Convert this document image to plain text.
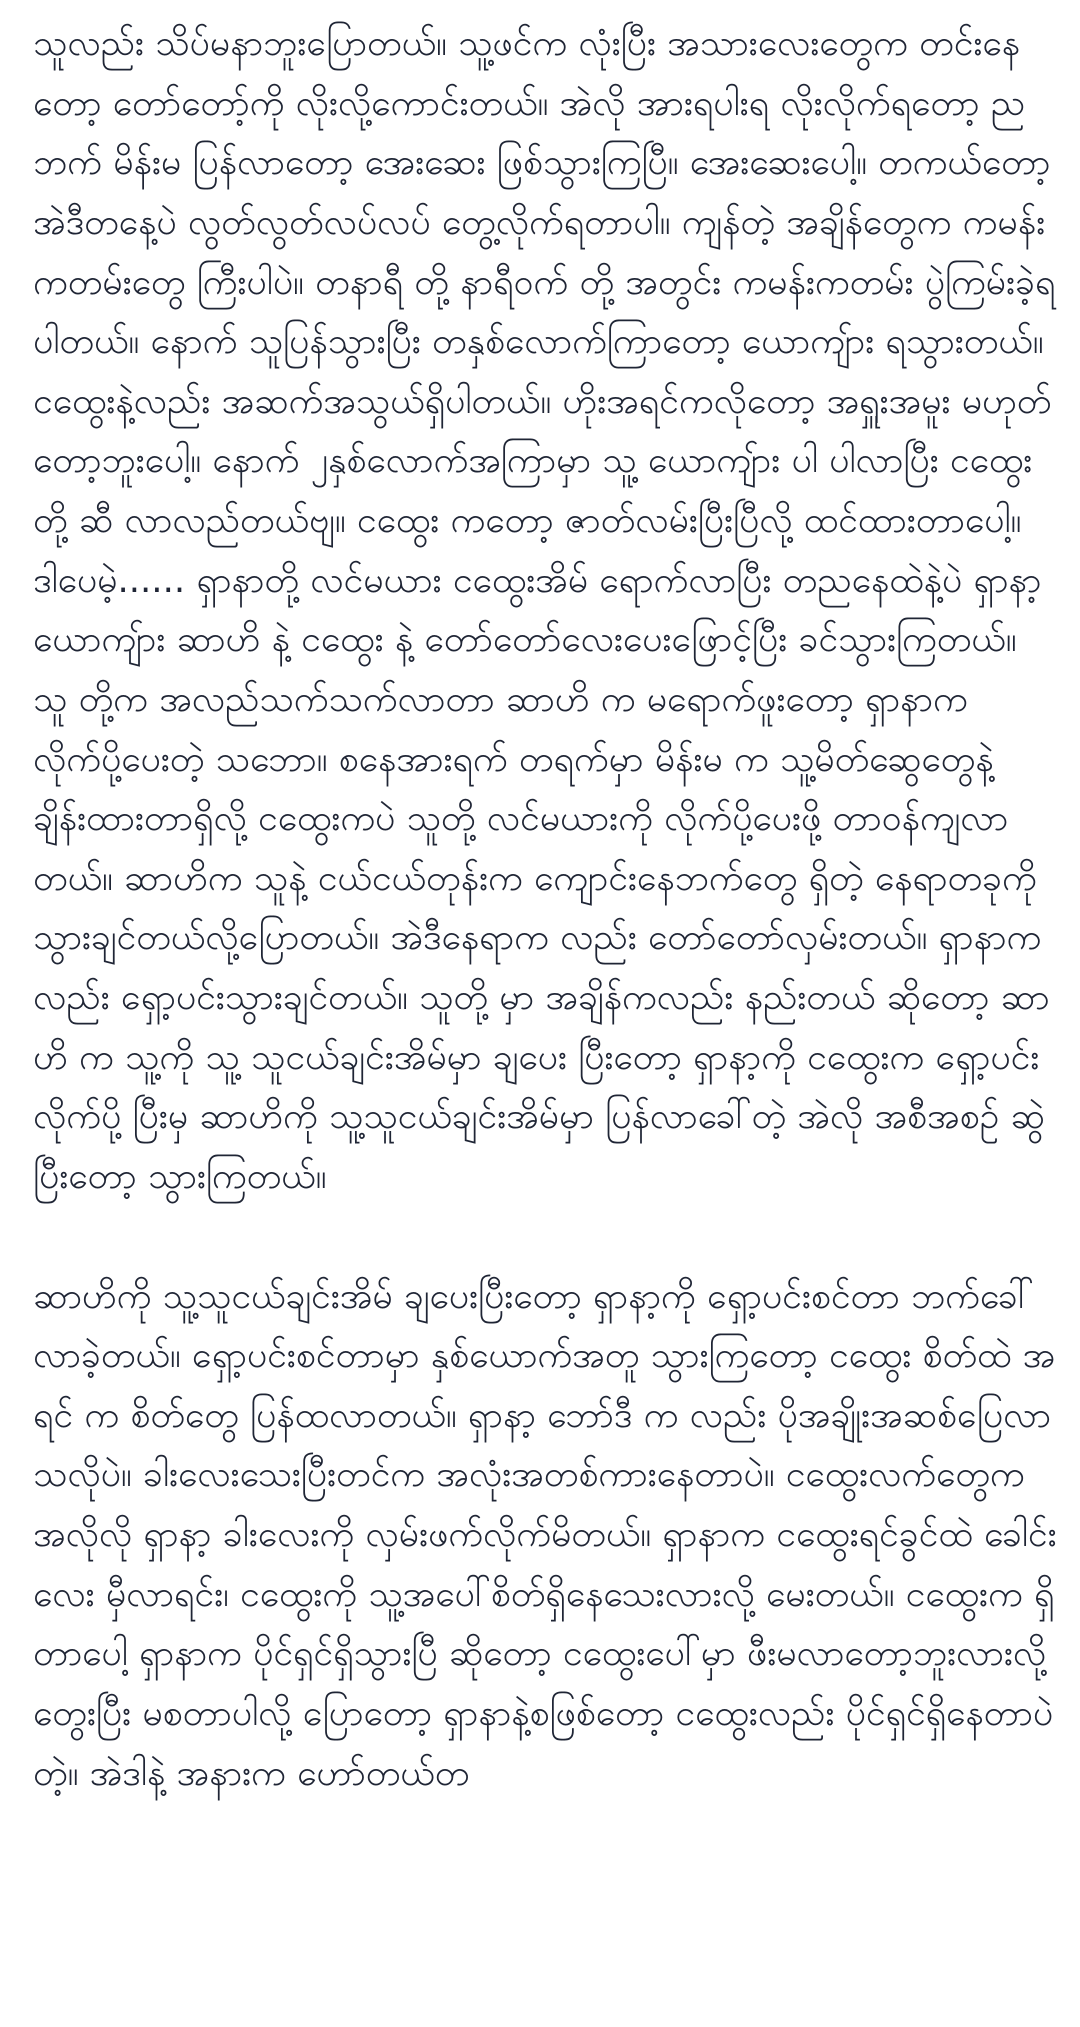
သူလည်း သိပ်မနာဘူးပြောတယ်။ သူ့ဖင်က လုံးပြီး အသားလေးတွေက တင်းနေတော့ တော်တော့်ကို လိုးလို့ကောင်းတယ်။ အဲလို အားရပါးရ လိုးလိုက်ရတော့ ညဘက် မိန်းမ ပြန်လာတော့ အေးဆေး ဖြစ်သွားကြပြီ။ အေးဆေးပေါ့။ တကယ်တော့ အဲဒီတနေ့ပဲ လွတ်လွတ်လပ်လပ် တွေ့လိုက်ရတာပါ။ ကျန်တဲ့ အချိန်တွေက ကမန်းကတမ်းတွေ ကြီးပါပဲ။ တနာရီ တို့ နာရီဝက် တို့ အတွင်း ကမန်းကတမ်း ပွဲကြမ်းခဲ့ရပါတယ်။ နောက် သူပြန်သွားပြီး တနှစ်လောက်ကြာတော့ ယောကျ်ား ရသွားတယ်။ ငထွေးနဲ့လည်း အဆက်အသွယ်ရှိပါတယ်။ ဟိုးအရင်ကလိုတော့ အရှူးအမူး မဟုတ်တော့ဘူးပေါ့။ နောက် ၂နှစ်လောက်အကြာမှာ သူ့ ယောကျ်ား ပါ ပါလာပြီး ငထွေးတို့ ဆီ လာလည်တယ်ဗျ။ ငထွေး ကတော့ ဇာတ်လမ်းပြီးပြီလို့ ထင်ထားတာပေါ့။ ဒါပေမဲ့...... ရှာနာတို့ လင်မယား ငထွေးအိမ် ရောက်လာပြီး တညနေထဲနဲ့ပဲ ရှာနာ့ ယောကျ်ား ဆာဟိ နဲ့ ငထွေး နဲ့ တော်တော်လေးပေးဖြောင့်ပြီး ခင်သွားကြတယ်။ သူ တို့က အလည်သက်သက်လာတာ ဆာဟိ က မရောက်ဖူးတော့ ရှာနာက လိုက်ပို့ပေးတဲ့ သဘော။ စနေအားရက် တရက်မှာ မိန်းမ က သူ့မိတ်ဆွေတွေနဲ့ ချိန်းထားတာရှိလို့ ငထွေးကပဲ သူတို့ လင်မယားကို လိုက်ပို့ပေးဖို့ တာဝန်ကျလာတယ်။ ဆာဟိက သူနဲ့ ငယ်ငယ်တုန်းက ကျောင်းနေဘက်တွေ ရှိတဲ့ နေရာတခုကို သွားချင်တယ်လို့ပြောတယ်။ အဲဒီနေရာက လည်း တော်တော်လှမ်းတယ်။ ရှာနာက လည်း ရှော့ပင်းသွားချင်တယ်။ သူတို့ မှာ အချိန်ကလည်း နည်းတယ် ဆိုတော့ ဆာဟိ က သူ့ကို သူ့ သူငယ်ချင်းအိမ်မှာ ချပေး ပြီးတော့ ရှာနာ့ကို ငထွေးက ရှော့ပင်းလိုက်ပို့ ပြီးမှ ဆာဟိကို သူ့သူငယ်ချင်းအိမ်မှာ ပြန်လာခေါ်တဲ့ အဲလို အစီအစဉ် ဆွဲပြီးတော့ သွားကြတယ်။

ဆာဟိကို သူ့သူငယ်ချင်းအိမ် ချပေးပြီးတော့ ရှာနာ့ကို ရှော့ပင်းစင်တာ ဘက်ခေါ်လာခဲ့တယ်။ ရှော့ပင်းစင်တာမှာ နှစ်ယောက်အတူ သွားကြတော့ ငထွေး စိတ်ထဲ အရင် က စိတ်တွေ ပြန်ထလာတယ်။ ရှာနာ့ ဘော်ဒီ က လည်း ပိုအချိုးအဆစ်ပြေလာသလိုပဲ။ ခါးလေးသေးပြီးတင်က အလုံးအတစ်ကားနေတာပဲ။ ငထွေးလက်တွေက အလိုလို ရှာနာ့ ခါးလေးကို လှမ်းဖက်လိုက်မိတယ်။ ရှာနာက ငထွေးရင်ခွင်ထဲ ခေါင်းလေး မှီလာရင်း၊ ငထွေးကို သူ့အပေါ်စိတ်ရှိနေသေးလားလို့ မေးတယ်။ ငထွေးက ရှိတာပေါ့ ရှာနာက ပိုင်ရှင်ရှိသွားပြီ ဆိုတော့ ငထွေးပေါ်မှာ ဖီးမလာတော့ဘူးလားလို့ တွေးပြီး မစတာပါလို့ ပြောတော့ ရှာနာနဲ့စဖြစ်တော့ ငထွေးလည်း ပိုင်ရှင်ရှိနေတာပဲတဲ့။ အဲဒါနဲ့ အနားက ဟော်တယ်တ
